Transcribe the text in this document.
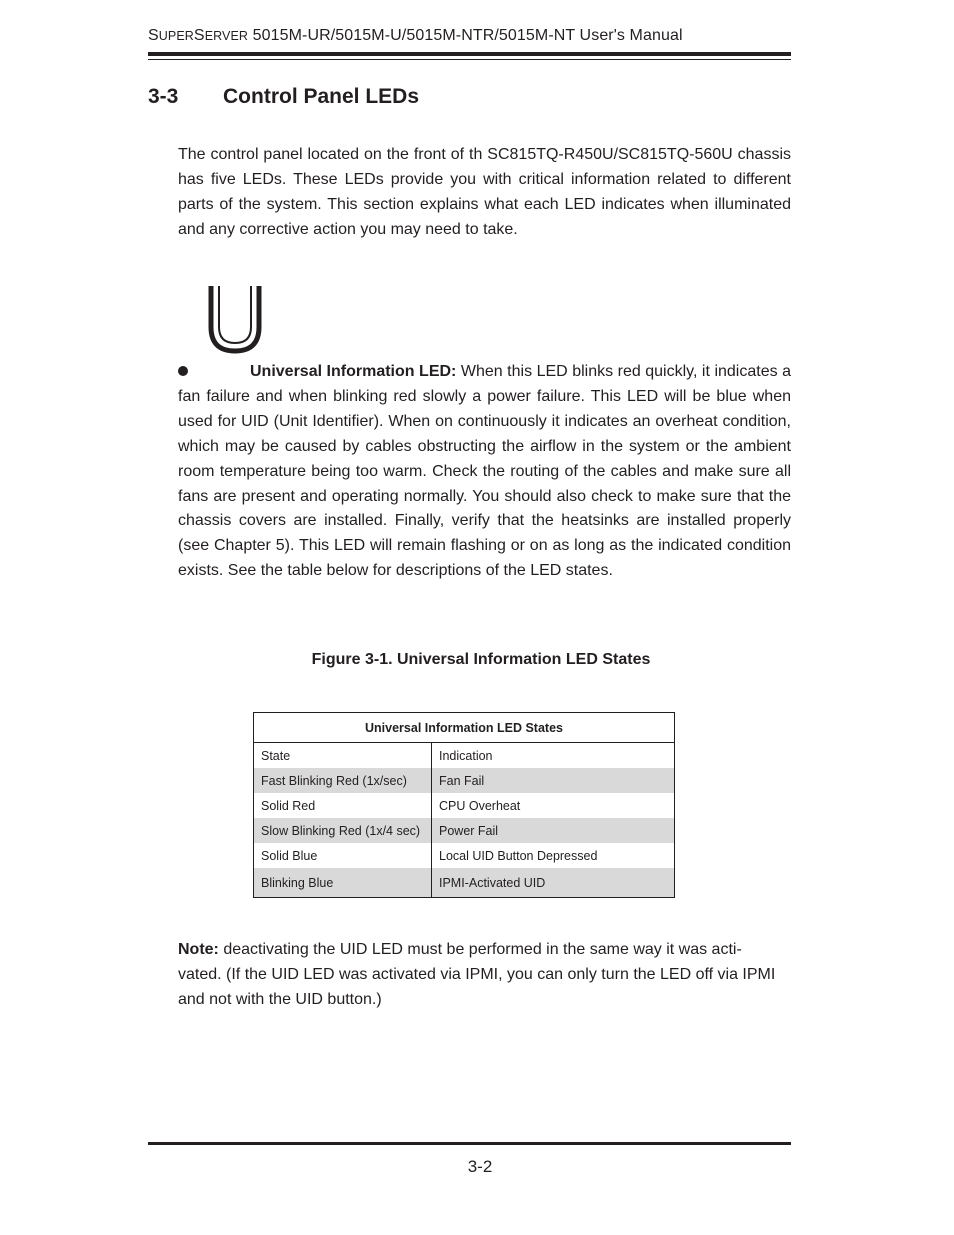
SUPERSERVER 5015M-UR/5015M-U/5015M-NTR/5015M-NT User's Manual
3-3 Control Panel LEDs
The control panel located on the front of th SC815TQ-R450U/SC815TQ-560U chassis has five LEDs. These LEDs provide you with critical information related to different parts of the system. This section explains what each LED indicates when illuminated and any corrective action you may need to take.
Universal Information LED: When this LED blinks red quickly, it indicates a fan failure and when blinking red slowly a power failure. This LED will be blue when used for UID (Unit Identifier). When on continuously it indicates an overheat condition, which may be caused by cables obstructing the airflow in the system or the ambient room temperature being too warm. Check the routing of the cables and make sure all fans are present and operating normally. You should also check to make sure that the chassis covers are installed. Finally, verify that the heatsinks are installed properly (see Chapter 5). This LED will remain flashing or on as long as the indicated condition exists. See the table below for descriptions of the LED states.
Figure 3-1. Universal Information LED States
Universal Information LED States	
State	Indication
Fast Blinking Red (1x/sec)	Fan Fail
Solid Red	CPU Overheat
Slow Blinking Red (1x/4 sec)	Power Fail
Solid Blue	Local UID Button Depressed
Blinking Blue	IPMI-Activated UID
Note: deactivating the UID LED must be performed in the same way it was acti-vated. (If the UID LED was activated via IPMI, you can only turn the LED off via IPMI and not with the UID button.)
3-2
